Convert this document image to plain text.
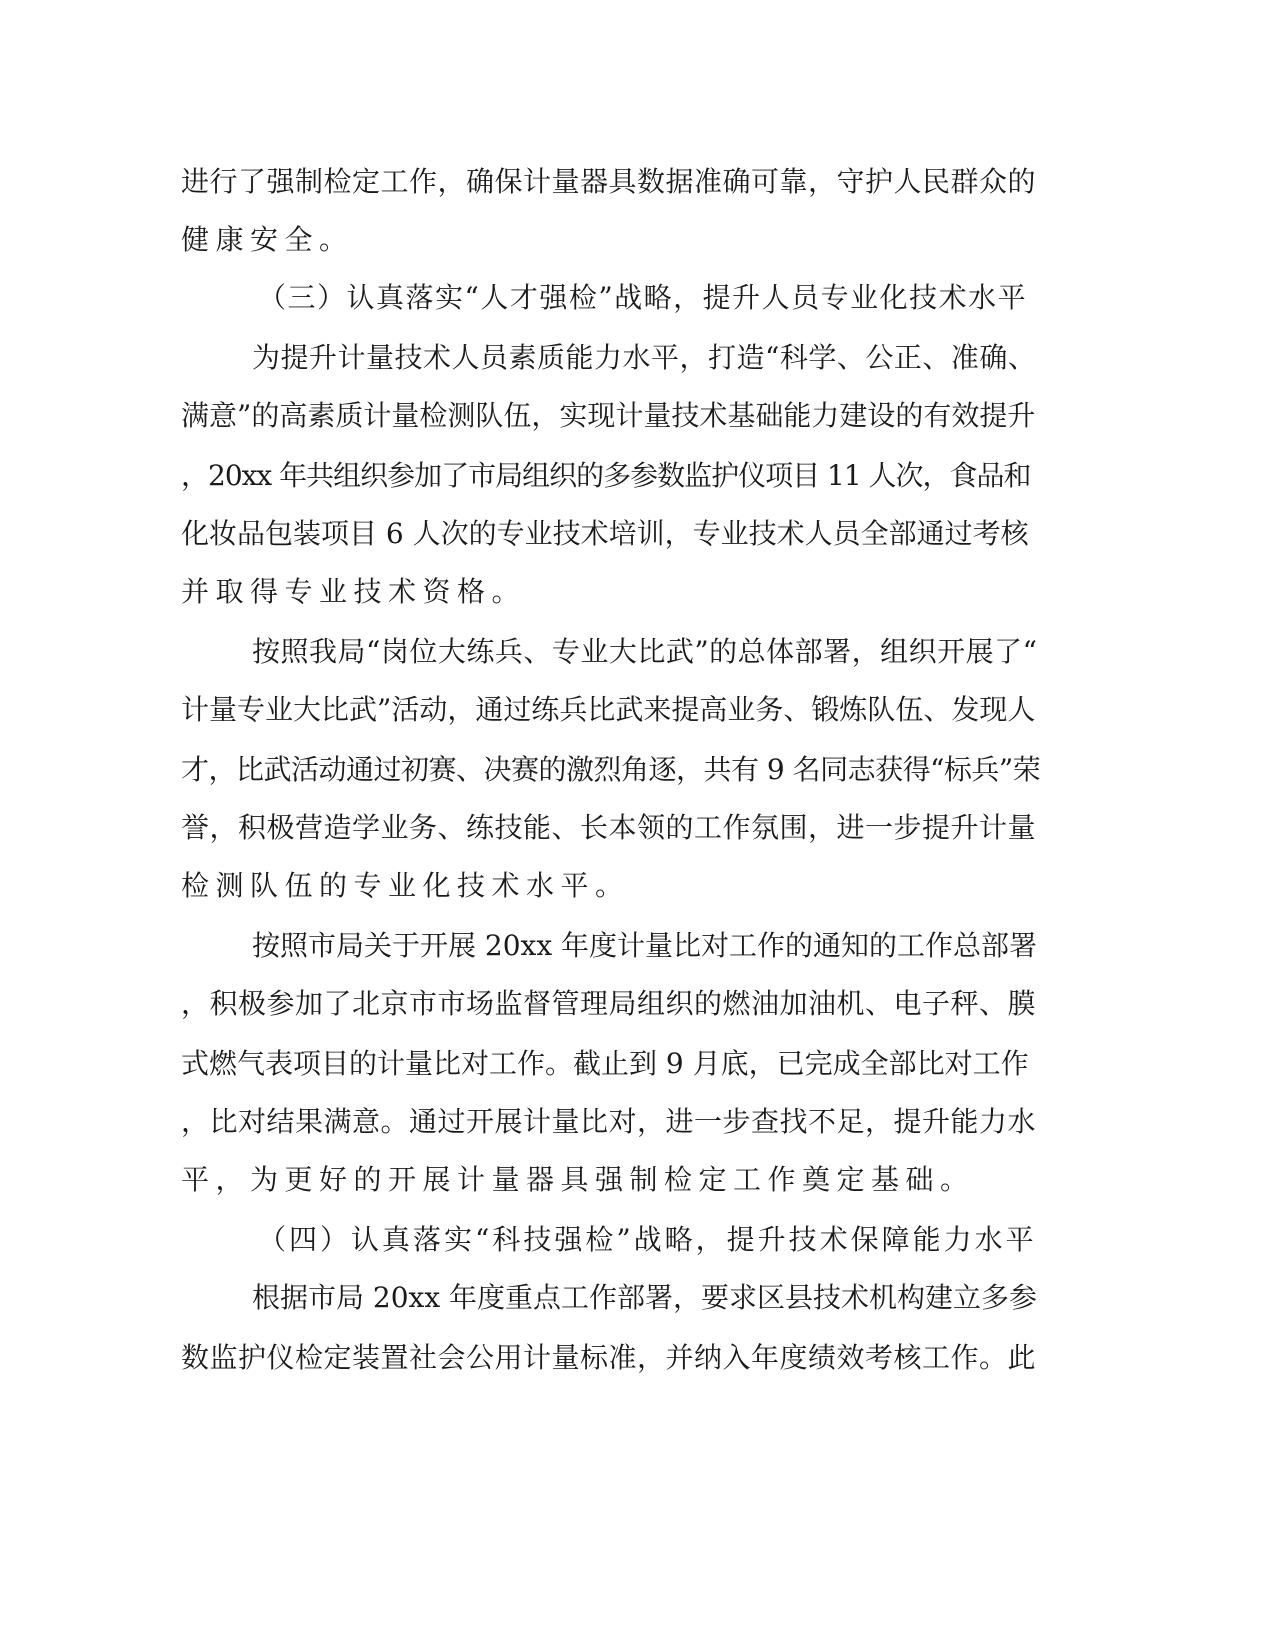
进行了强制检定工作，确保计量器具数据准确可靠，守护人民群众的
健康安全。
（三）认真落实“人才强检”战略，提升人员专业化技术水平
为提升计量技术人员素质能力水平，打造“科学、公正、准确、
满意”的高素质计量检测队伍，实现计量技术基础能力建设的有效提升
，20xx 年共组织参加了市局组织的多参数监护仪项目 11 人次，食品和
化妆品包装项目 6 人次的专业技术培训，专业技术人员全部通过考核
并取得专业技术资格。
按照我局“岗位大练兵、专业大比武”的总体部署，组织开展了“
计量专业大比武”活动，通过练兵比武来提高业务、锻炼队伍、发现人
才，比武活动通过初赛、决赛的激烈角逐，共有 9 名同志获得“标兵”荣
誉，积极营造学业务、练技能、长本领的工作氛围，进一步提升计量
检测队伍的专业化技术水平。
按照市局关于开展 20xx 年度计量比对工作的通知的工作总部署
，积极参加了北京市市场监督管理局组织的燃油加油机、电子秤、膜
式燃气表项目的计量比对工作。截止到 9 月底，已完成全部比对工作
，比对结果满意。通过开展计量比对，进一步查找不足，提升能力水
平，为更好的开展计量器具强制检定工作奠定基础。
（四）认真落实“科技强检”战略，提升技术保障能力水平
根据市局 20xx 年度重点工作部署，要求区县技术机构建立多参
数监护仪检定装置社会公用计量标准，并纳入年度绩效考核工作。此
